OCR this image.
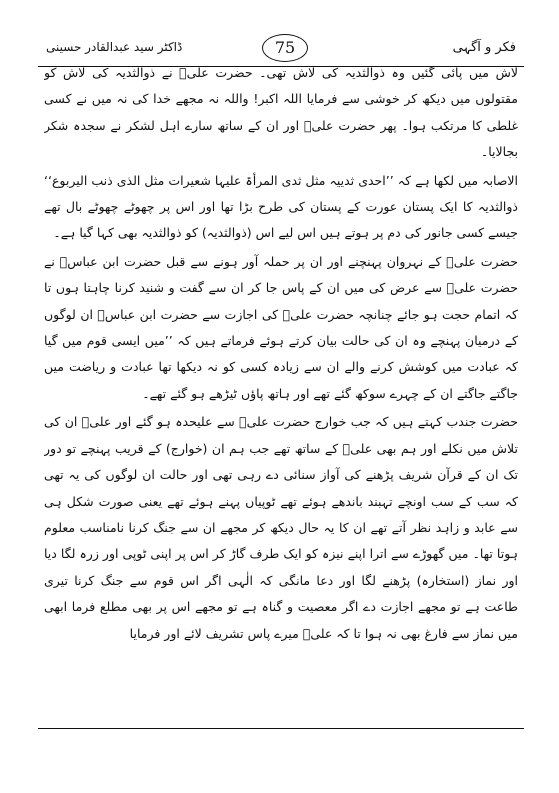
فکر و آگہی
75
ڈاکٹر سید عبدالقادر حسینی

لاش میں پائی گئیں وہ ذوالثدیہ کی لاش تھی۔ حضرت علیؓ نے ذوالثدیہ کی لاش کو مقتولوں میں دیکھ کر خوشی سے فرمایا اللہ اکبر! واللہ نہ مجھے خدا کی نہ میں نے کسی غلطی کا مرتکب ہوا۔ پھر حضرت علیؓ اور ان کے ساتھ سارے اہل لشکر نے سجدہ شکر بجالایا۔

الاصابہ میں لکھا ہے کہ ’’احدی ثدییہ مثل ثدی المرأۃ علیہا شعیرات مثل الذی ذنب الیربوع‘‘ ذوالثدیہ کا ایک پستان عورت کے پستان کی طرح بڑا تھا اور اس پر چھوٹے چھوٹے بال تھے جیسے کسی جانور کی دم پر ہوتے ہیں اس لیے اس (ذوالثدیہ) کو ذوالثدیہ بھی کہا گیا ہے۔

حضرت علیؓ کے نہروان پہنچنے اور ان پر حملہ آور ہونے سے قبل حضرت ابن عباسؓ نے حضرت علیؓ سے عرض کی میں ان کے پاس جا کر ان سے گفت و شنید کرنا چاہتا ہوں تا کہ اتمام حجت ہو جائے چنانچہ حضرت علیؓ کی اجازت سے حضرت ابن عباسؓ ان لوگوں کے درمیان پہنچے وہ ان کی حالت بیان کرتے ہوئے فرماتے ہیں کہ ’’میں ایسی قوم میں گیا کہ عبادت میں کوشش کرنے والے ان سے زیادہ کسی کو نہ دیکھا تھا عبادت و ریاضت میں جاگتے جاگتے ان کے چہرے سوکھ گئے تھے اور ہاتھ پاؤں ٹیڑھے ہو گئے تھے۔

حضرت جندب کہتے ہیں کہ جب خوارج حضرت علیؓ سے علیحدہ ہو گئے اور علیؓ ان کی تلاش میں نکلے اور ہم بھی علیؓ کے ساتھ تھے جب ہم ان (خوارج) کے قریب پہنچے تو دور تک ان کے قرآن شریف پڑھنے کی آواز سنائی دے رہی تھی اور حالت ان لوگوں کی یہ تھی کہ سب کے سب اونچے تہبند باندھے ہوئے تھے ٹوپیاں پہنے ہوئے تھے یعنی صورت شکل ہی سے عابد و زاہد نظر آتے تھے ان کا یہ حال دیکھ کر مجھے ان سے جنگ کرنا نامناسب معلوم ہوتا تھا۔ میں گھوڑے سے اترا اپنے نیزہ کو ایک طرف گاڑ کر اس پر اپنی ٹوپی اور زرہ لگا دیا اور نماز (استخارہ) پڑھنے لگا اور دعا مانگی کہ الٰہی اگر اس قوم سے جنگ کرنا تیری طاعت ہے تو مجھے اجازت دے اگر معصیت و گناہ ہے تو مجھے اس پر بھی مطلع فرما ابھی میں نماز سے فارغ بھی نہ ہوا تا کہ علیؓ میرے پاس تشریف لائے اور فرمایا
